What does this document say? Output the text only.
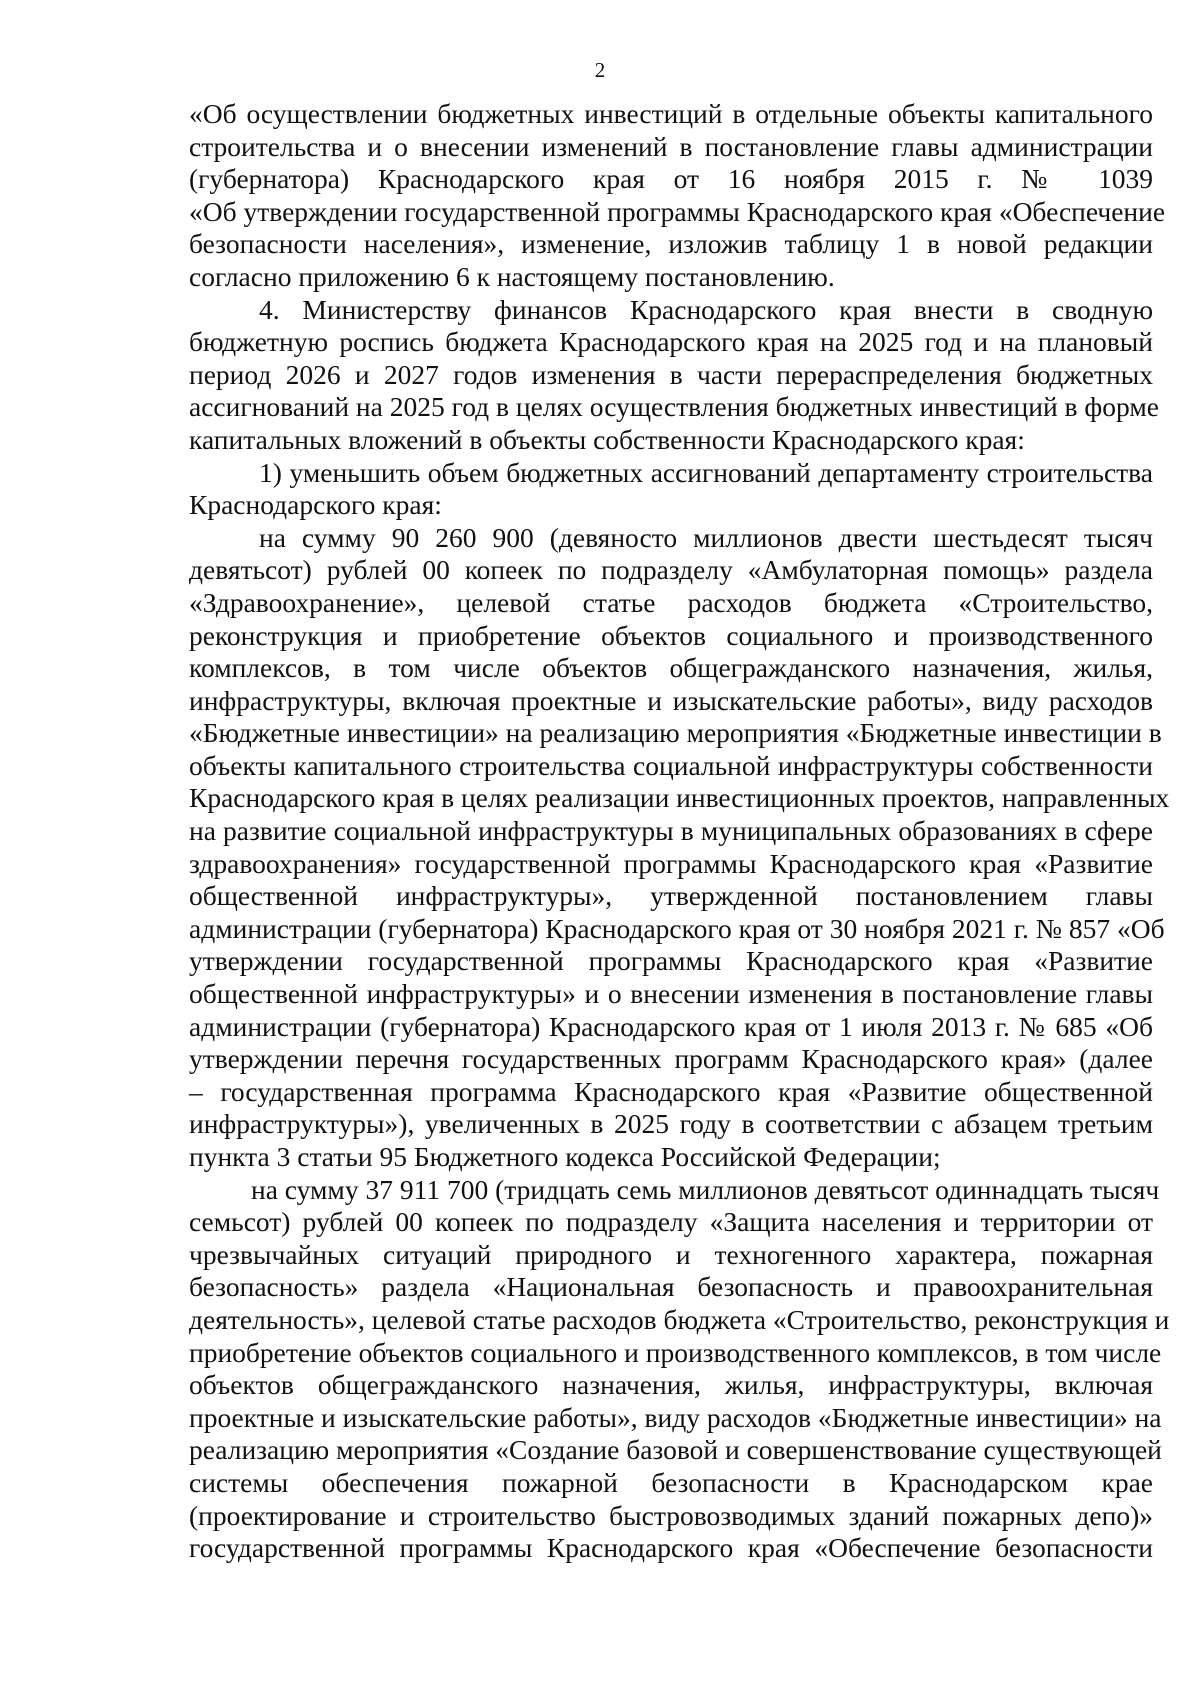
2
«Об осуществлении бюджетных инвестиций в отдельные объекты капитального
строительства и о внесении изменений в постановление главы администрации
(губернатора) Краснодарского края от 16 ноября 2015 г. № 1039
«Об утверждении государственной программы Краснодарского края «Обеспечение
безопасности населения», изменение, изложив таблицу 1 в новой редакции
согласно приложению 6 к настоящему постановлению.
4. Министерству финансов Краснодарского края внести в сводную
бюджетную роспись бюджета Краснодарского края на 2025 год и на плановый
период 2026 и 2027 годов изменения в части перераспределения бюджетных
ассигнований на 2025 год в целях осуществления бюджетных инвестиций в форме
капитальных вложений в объекты собственности Краснодарского края:
1) уменьшить объем бюджетных ассигнований департаменту строительства
Краснодарского края:
на сумму 90 260 900 (девяносто миллионов двести шестьдесят тысяч
девятьсот) рублей 00 копеек по подразделу «Амбулаторная помощь» раздела
«Здравоохранение», целевой статье расходов бюджета «Строительство,
реконструкция и приобретение объектов социального и производственного
комплексов, в том числе объектов общегражданского назначения, жилья,
инфраструктуры, включая проектные и изыскательские работы», виду расходов
«Бюджетные инвестиции» на реализацию мероприятия «Бюджетные инвестиции в
объекты капитального строительства социальной инфраструктуры собственности
Краснодарского края в целях реализации инвестиционных проектов, направленных
на развитие социальной инфраструктуры в муниципальных образованиях в сфере
здравоохранения» государственной программы Краснодарского края «Развитие
общественной инфраструктуры», утвержденной постановлением главы
администрации (губернатора) Краснодарского края от 30 ноября 2021 г. № 857 «Об
утверждении государственной программы Краснодарского края «Развитие
общественной инфраструктуры» и о внесении изменения в постановление главы
администрации (губернатора) Краснодарского края от 1 июля 2013 г. № 685 «Об
утверждении перечня государственных программ Краснодарского края» (далее
– государственная программа Краснодарского края «Развитие общественной
инфраструктуры»), увеличенных в 2025 году в соответствии с абзацем третьим
пункта 3 статьи 95 Бюджетного кодекса Российской Федерации;
на сумму 37 911 700 (тридцать семь миллионов девятьсот одиннадцать тысяч
семьсот) рублей 00 копеек по подразделу «Защита населения и территории от
чрезвычайных ситуаций природного и техногенного характера, пожарная
безопасность» раздела «Национальная безопасность и правоохранительная
деятельность», целевой статье расходов бюджета «Строительство, реконструкция и
приобретение объектов социального и производственного комплексов, в том числе
объектов общегражданского назначения, жилья, инфраструктуры, включая
проектные и изыскательские работы», виду расходов «Бюджетные инвестиции» на
реализацию мероприятия «Создание базовой и совершенствование существующей
системы обеспечения пожарной безопасности в Краснодарском крае
(проектирование и строительство быстровозводимых зданий пожарных депо)»
государственной программы Краснодарского края «Обеспечение безопасности
